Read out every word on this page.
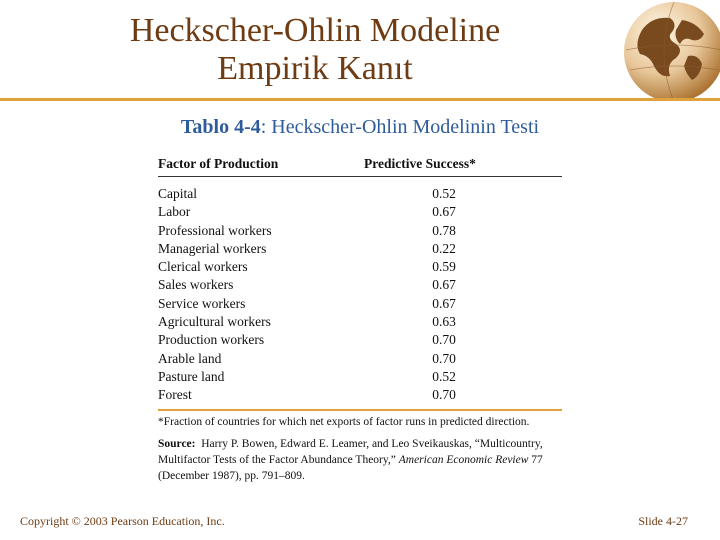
Heckscher-Ohlin Modeline
Empirik Kanıt
Tablo 4-4: Heckscher-Ohlin Modelinin Testi
Factor of Production	Predictive Success*
Capital	0.52
Labor	0.67
Professional workers	0.78
Managerial workers	0.22
Clerical workers	0.59
Sales workers	0.67
Service workers	0.67
Agricultural workers	0.63
Production workers	0.70
Arable land	0.70
Pasture land	0.52
Forest	0.70
*Fraction of countries for which net exports of factor runs in predicted direction.
Source: Harry P. Bowen, Edward E. Leamer, and Leo Sveikauskas, “Multicountry, Multifactor Tests of the Factor Abundance Theory,” American Economic Review 77 (December 1987), pp. 791–809.
Copyright © 2003 Pearson Education, Inc.	Slide 4-27
